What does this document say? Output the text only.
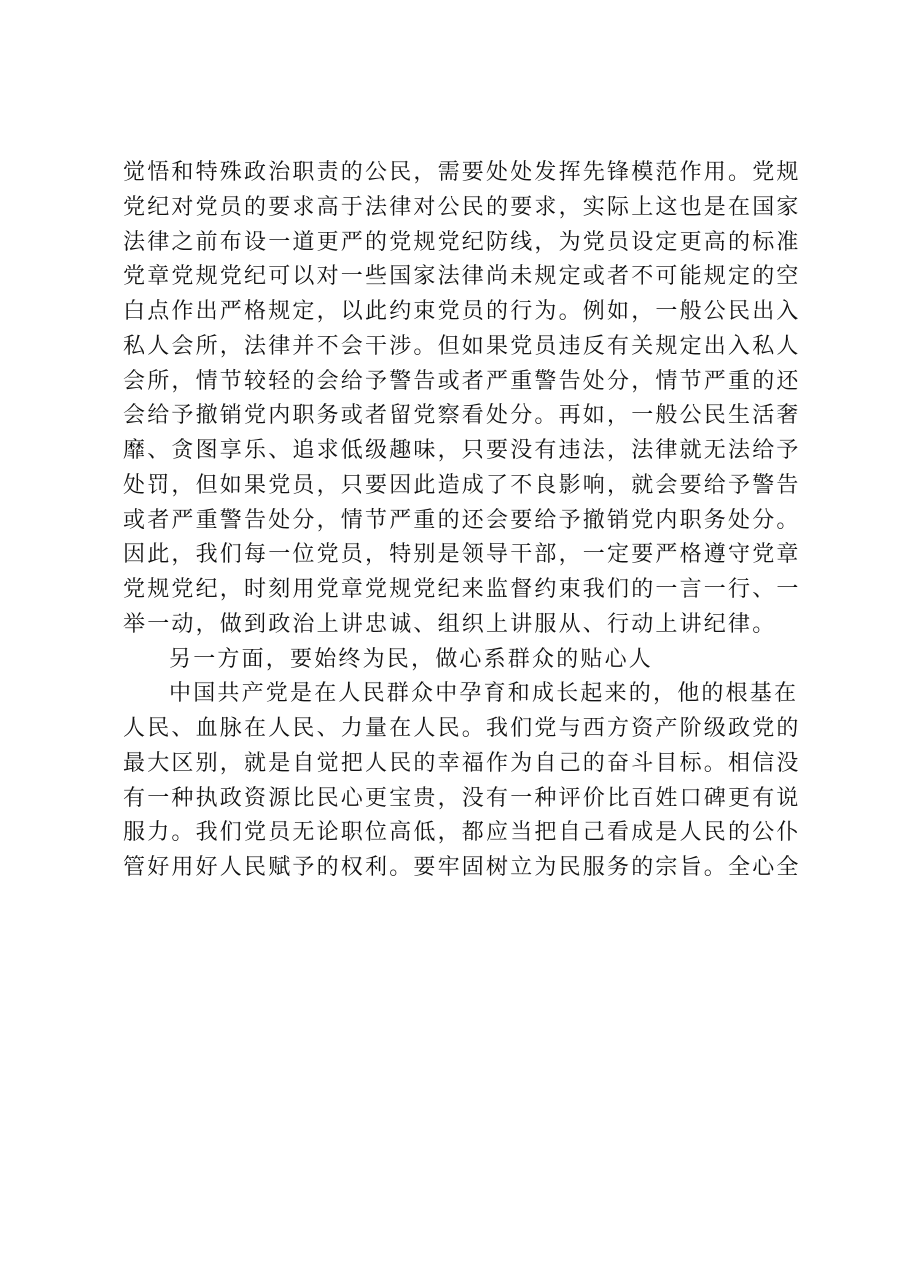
觉悟和特殊政治职责的公民，需要处处发挥先锋模范作用。党规
党纪对党员的要求高于法律对公民的要求，实际上这也是在国家
法律之前布设一道更严的党规党纪防线，为党员设定更高的标准
党章党规党纪可以对一些国家法律尚未规定或者不可能规定的空
白点作出严格规定，以此约束党员的行为。例如，一般公民出入
私人会所，法律并不会干涉。但如果党员违反有关规定出入私人
会所，情节较轻的会给予警告或者严重警告处分，情节严重的还
会给予撤销党内职务或者留党察看处分。再如，一般公民生活奢
靡、贪图享乐、追求低级趣味，只要没有违法，法律就无法给予
处罚，但如果党员，只要因此造成了不良影响，就会要给予警告
或者严重警告处分，情节严重的还会要给予撤销党内职务处分。
因此，我们每一位党员，特别是领导干部，一定要严格遵守党章
党规党纪，时刻用党章党规党纪来监督约束我们的一言一行、一
举一动，做到政治上讲忠诚、组织上讲服从、行动上讲纪律。
另一方面，要始终为民，做心系群众的贴心人
中国共产党是在人民群众中孕育和成长起来的，他的根基在
人民、血脉在人民、力量在人民。我们党与西方资产阶级政党的
最大区别，就是自觉把人民的幸福作为自己的奋斗目标。相信没
有一种执政资源比民心更宝贵，没有一种评价比百姓口碑更有说
服力。我们党员无论职位高低，都应当把自己看成是人民的公仆
管好用好人民赋予的权利。要牢固树立为民服务的宗旨。全心全
